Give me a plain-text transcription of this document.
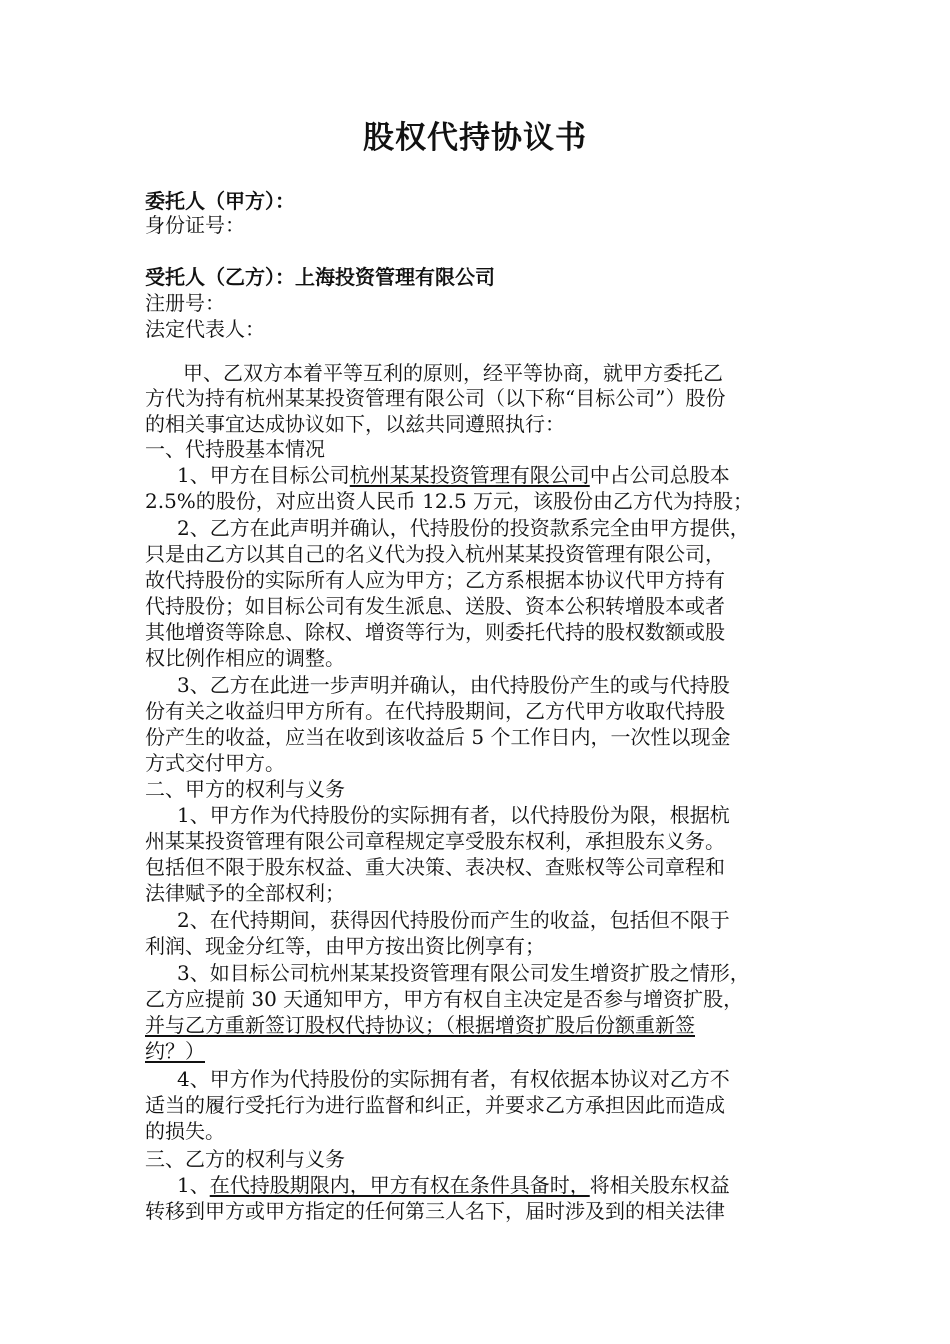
股权代持协议书
委托人（甲方）：
身份证号：
受托人（乙方）：上海投资管理有限公司
注册号：
法定代表人：
甲、乙双方本着平等互利的原则，经平等协商，就甲方委托乙
方代为持有杭州某某投资管理有限公司（以下称“目标公司”）股份
的相关事宜达成协议如下，以兹共同遵照执行：
一、代持股基本情况
1、甲方在目标公司杭州某某投资管理有限公司中占公司总股本
2.5%的股份，对应出资人民币 12.5 万元，该股份由乙方代为持股；
2、乙方在此声明并确认，代持股份的投资款系完全由甲方提供，
只是由乙方以其自己的名义代为投入杭州某某投资管理有限公司，
故代持股份的实际所有人应为甲方；乙方系根据本协议代甲方持有
代持股份；如目标公司有发生派息、送股、资本公积转增股本或者
其他增资等除息、除权、增资等行为，则委托代持的股权数额或股
权比例作相应的调整。
3、乙方在此进一步声明并确认，由代持股份产生的或与代持股
份有关之收益归甲方所有。在代持股期间，乙方代甲方收取代持股
份产生的收益，应当在收到该收益后 5 个工作日内，一次性以现金
方式交付甲方。
二、甲方的权利与义务
1、甲方作为代持股份的实际拥有者，以代持股份为限，根据杭
州某某投资管理有限公司章程规定享受股东权利，承担股东义务。
包括但不限于股东权益、重大决策、表决权、查账权等公司章程和
法律赋予的全部权利；
2、在代持期间，获得因代持股份而产生的收益，包括但不限于
利润、现金分红等，由甲方按出资比例享有；
3、如目标公司杭州某某投资管理有限公司发生增资扩股之情形，
乙方应提前 30 天通知甲方，甲方有权自主决定是否参与增资扩股，
并与乙方重新签订股权代持协议；（根据增资扩股后份额重新签
约？）
4、甲方作为代持股份的实际拥有者，有权依据本协议对乙方不
适当的履行受托行为进行监督和纠正，并要求乙方承担因此而造成
的损失。
三、乙方的权利与义务
1、在代持股期限内，甲方有权在条件具备时，将相关股东权益
转移到甲方或甲方指定的任何第三人名下，届时涉及到的相关法律
